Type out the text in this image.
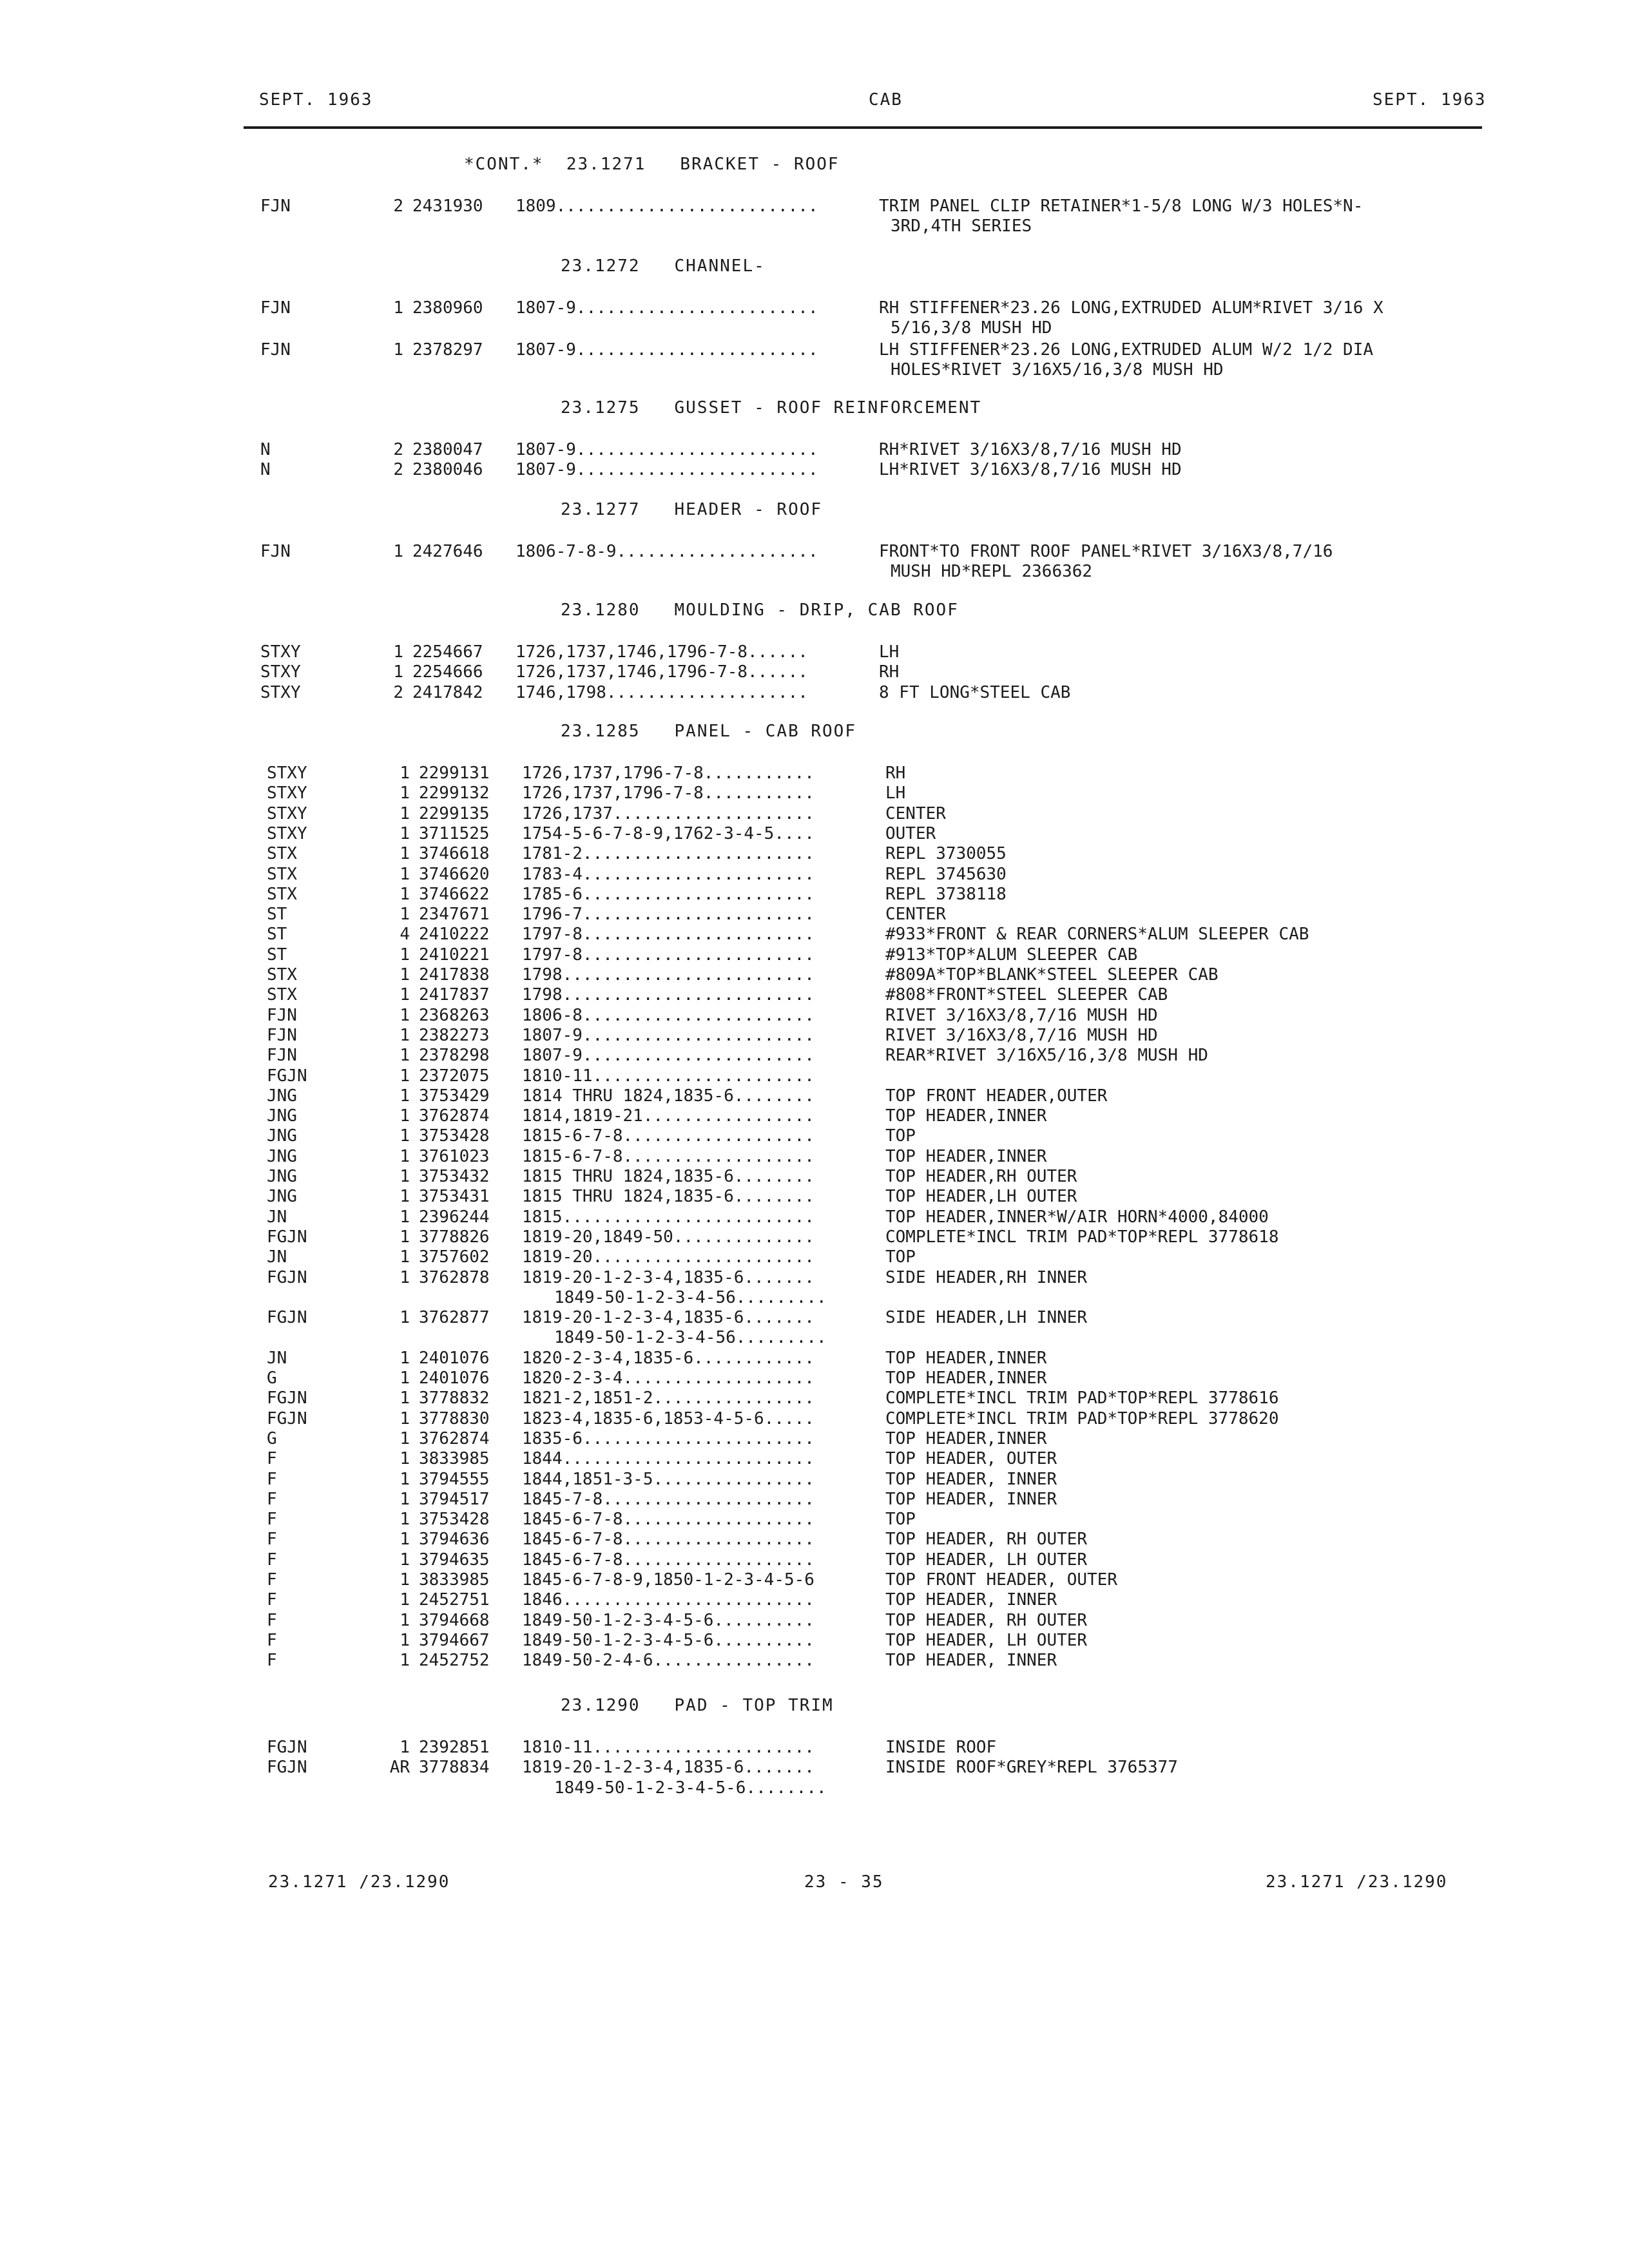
SEPT. 1963	CAB	SEPT. 1963
*CONT.*  23.1271   BRACKET - ROOF
FJN	2 2431930 1809..........................	TRIM PANEL CLIP RETAINER*1-5/8 LONG W/3 HOLES*N-
3RD,4TH SERIES
23.1272   CHANNEL-
FJN	1 2380960 1807-9........................	RH STIFFENER*23.26 LONG,EXTRUDED ALUM*RIVET 3/16 X
5/16,3/8 MUSH HD
FJN	1 2378297 1807-9........................	LH STIFFENER*23.26 LONG,EXTRUDED ALUM W/2 1/2 DIA
HOLES*RIVET 3/16X5/16,3/8 MUSH HD
23.1275   GUSSET - ROOF REINFORCEMENT
N	2 2380047 1807-9........................	RH*RIVET 3/16X3/8,7/16 MUSH HD
N	2 2380046 1807-9........................	LH*RIVET 3/16X3/8,7/16 MUSH HD
23.1277   HEADER - ROOF
FJN	1 2427646 1806-7-8-9....................	FRONT*TO FRONT ROOF PANEL*RIVET 3/16X3/8,7/16
MUSH HD*REPL 2366362
23.1280   MOULDING - DRIP, CAB ROOF
STXY	1 2254667 1726,1737,1746,1796-7-8......	LH
STXY	1 2254666 1726,1737,1746,1796-7-8......	RH
STXY	2 2417842 1746,1798....................	8 FT LONG*STEEL CAB
23.1285   PANEL - CAB ROOF
STXY	1 2299131 1726,1737,1796-7-8...........	RH
STXY	1 2299132 1726,1737,1796-7-8...........	LH
STXY	1 2299135 1726,1737....................	CENTER
STXY	1 3711525 1754-5-6-7-8-9,1762-3-4-5....	OUTER
STX	1 3746618 1781-2.......................	REPL 3730055
STX	1 3746620 1783-4.......................	REPL 3745630
STX	1 3746622 1785-6.......................	REPL 3738118
ST	1 2347671 1796-7.......................	CENTER
ST	4 2410222 1797-8.......................	#933*FRONT & REAR CORNERS*ALUM SLEEPER CAB
ST	1 2410221 1797-8.......................	#913*TOP*ALUM SLEEPER CAB
STX	1 2417838 1798.........................	#809A*TOP*BLANK*STEEL SLEEPER CAB
STX	1 2417837 1798.........................	#808*FRONT*STEEL SLEEPER CAB
FJN	1 2368263 1806-8.......................	RIVET 3/16X3/8,7/16 MUSH HD
FJN	1 2382273 1807-9.......................	RIVET 3/16X3/8,7/16 MUSH HD
FJN	1 2378298 1807-9.......................	REAR*RIVET 3/16X5/16,3/8 MUSH HD
FGJN	1 2372075 1810-11......................
JNG	1 3753429 1814 THRU 1824,1835-6........	TOP FRONT HEADER,OUTER
JNG	1 3762874 1814,1819-21.................	TOP HEADER,INNER
JNG	1 3753428 1815-6-7-8...................	TOP
JNG	1 3761023 1815-6-7-8...................	TOP HEADER,INNER
JNG	1 3753432 1815 THRU 1824,1835-6........	TOP HEADER,RH OUTER
JNG	1 3753431 1815 THRU 1824,1835-6........	TOP HEADER,LH OUTER
JN	1 2396244 1815.........................	TOP HEADER,INNER*W/AIR HORN*4000,84000
FGJN	1 3778826 1819-20,1849-50..............	COMPLETE*INCL TRIM PAD*TOP*REPL 3778618
JN	1 3757602 1819-20......................	TOP
FGJN	1 3762878 1819-20-1-2-3-4,1835-6.......	SIDE HEADER,RH INNER
1849-50-1-2-3-4-56.........
FGJN	1 3762877 1819-20-1-2-3-4,1835-6.......	SIDE HEADER,LH INNER
1849-50-1-2-3-4-56.........
JN	1 2401076 1820-2-3-4,1835-6............	TOP HEADER,INNER
G	1 2401076 1820-2-3-4...................	TOP HEADER,INNER
FGJN	1 3778832 1821-2,1851-2................	COMPLETE*INCL TRIM PAD*TOP*REPL 3778616
FGJN	1 3778830 1823-4,1835-6,1853-4-5-6.....	COMPLETE*INCL TRIM PAD*TOP*REPL 3778620
G	1 3762874 1835-6.......................	TOP HEADER,INNER
F	1 3833985 1844.........................	TOP HEADER, OUTER
F	1 3794555 1844,1851-3-5................	TOP HEADER, INNER
F	1 3794517 1845-7-8.....................	TOP HEADER, INNER
F	1 3753428 1845-6-7-8...................	TOP
F	1 3794636 1845-6-7-8...................	TOP HEADER, RH OUTER
F	1 3794635 1845-6-7-8...................	TOP HEADER, LH OUTER
F	1 3833985 1845-6-7-8-9,1850-1-2-3-4-5-6	TOP FRONT HEADER, OUTER
F	1 2452751 1846.........................	TOP HEADER, INNER
F	1 3794668 1849-50-1-2-3-4-5-6..........	TOP HEADER, RH OUTER
F	1 3794667 1849-50-1-2-3-4-5-6..........	TOP HEADER, LH OUTER
F	1 2452752 1849-50-2-4-6................	TOP HEADER, INNER
23.1290   PAD - TOP TRIM
FGJN	1 2392851 1810-11......................	INSIDE ROOF
FGJN	AR 3778834 1819-20-1-2-3-4,1835-6.......	INSIDE ROOF*GREY*REPL 3765377
1849-50-1-2-3-4-5-6........
23.1271 /23.1290	23 - 35	23.1271 /23.1290
